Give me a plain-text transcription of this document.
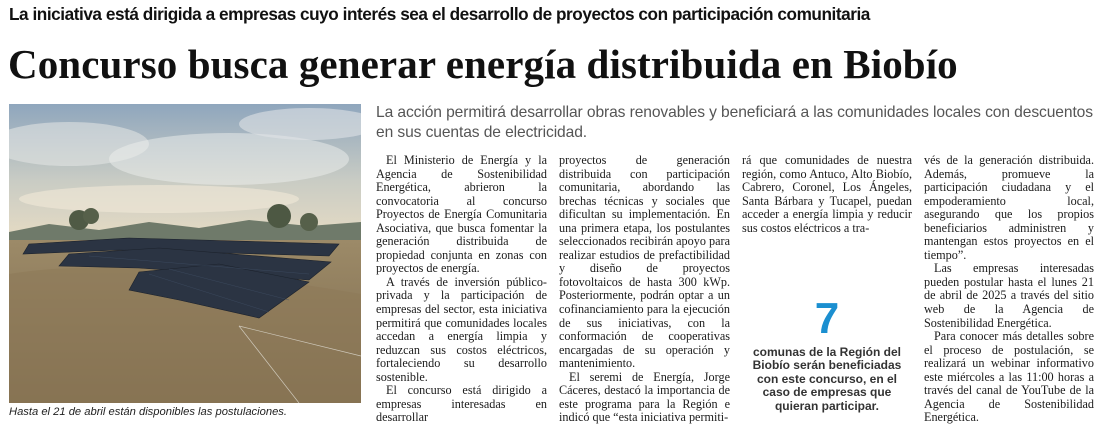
La iniciativa está dirigida a empresas cuyo interés sea el desarrollo de proyectos con participación comunitaria
Concurso busca generar energía distribuida en Biobío
Hasta el 21 de abril están disponibles las postulaciones.
La acción permitirá desarrollar obras renovables y beneficiará a las comunidades locales con descuentos en sus cuentas de electricidad.

El Ministerio de Energía y la Agencia de Sostenibilidad Energética, abrieron la convocatoria al concurso Proyectos de Energía Comunitaria Asociativa, que busca fomentar la generación distribuida de propiedad conjunta en zonas con proyectos de energía.

A través de inversión público-privada y la participación de empresas del sector, esta iniciativa permitirá que comunidades locales accedan a energía limpia y reduzcan sus costos eléctricos, fortaleciendo su desarrollo sostenible.

El concurso está dirigido a empresas interesadas en desarrollar

proyectos de generación distribuida con participación comunitaria, abordando las brechas técnicas y sociales que dificultan su implementación. En una primera etapa, los postulantes seleccionados recibirán apoyo para realizar estudios de prefactibilidad y diseño de proyectos fotovoltaicos de hasta 300 kWp. Posteriormente, podrán optar a un cofinanciamiento para la ejecución de sus iniciativas, con la conformación de cooperativas encargadas de su operación y mantenimiento.

El seremi de Energía, Jorge Cáceres, destacó la importancia de este programa para la Región e indicó que “esta iniciativa permiti-

rá que comunidades de nuestra región, como Antuco, Alto Biobío, Cabrero, Coronel, Los Ángeles, Santa Bárbara y Tucapel, puedan acceder a energía limpia y reducir sus costos eléctricos a tra-

7
comunas de la Región del Biobío serán beneficiadas con este concurso, en el caso de empresas que quieran participar.

vés de la generación distribuida. Además, promueve la participación ciudadana y el empoderamiento local, asegurando que los propios beneficiarios administren y mantengan estos proyectos en el tiempo”.

Las empresas interesadas pueden postular hasta el lunes 21 de abril de 2025 a través del sitio web de la Agencia de Sostenibilidad Energética.

Para conocer más detalles sobre el proceso de postulación, se realizará un webinar informativo este miércoles a las 11:00 horas a través del canal de YouTube de la Agencia de Sostenibilidad Energética.
